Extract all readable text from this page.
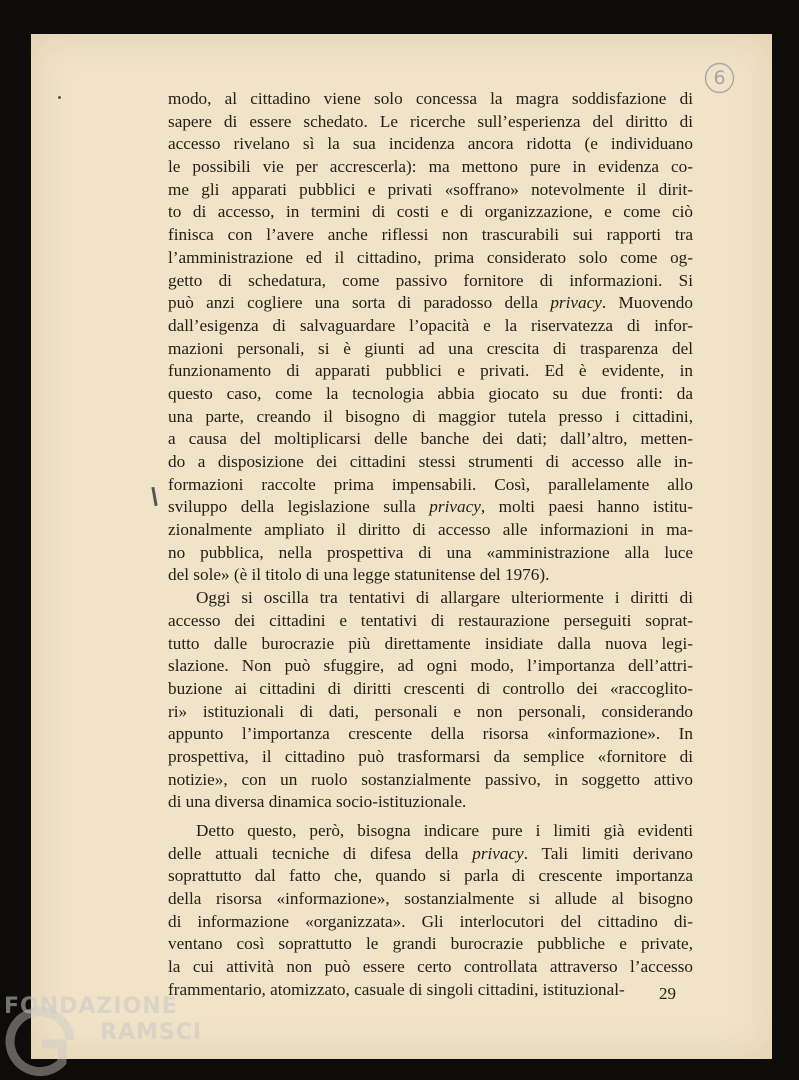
6
modo, al cittadino viene solo concessa la magra soddisfazione di
sapere di essere schedato. Le ricerche sull’esperienza del diritto di
accesso rivelano sì la sua incidenza ancora ridotta (e individuano
le possibili vie per accrescerla): ma mettono pure in evidenza co-
me gli apparati pubblici e privati «soffrano» notevolmente il dirit-
to di accesso, in termini di costi e di organizzazione, e come ciò
finisca con l’avere anche riflessi non trascurabili sui rapporti tra
l’amministrazione ed il cittadino, prima considerato solo come og-
getto di schedatura, come passivo fornitore di informazioni. Si
può anzi cogliere una sorta di paradosso della privacy. Muovendo
dall’esigenza di salvaguardare l’opacità e la riservatezza di infor-
mazioni personali, si è giunti ad una crescita di trasparenza del
funzionamento di apparati pubblici e privati. Ed è evidente, in
questo caso, come la tecnologia abbia giocato su due fronti: da
una parte, creando il bisogno di maggior tutela presso i cittadini,
a causa del moltiplicarsi delle banche dei dati; dall’altro, metten-
do a disposizione dei cittadini stessi strumenti di accesso alle in-
formazioni raccolte prima impensabili. Così, parallelamente allo
sviluppo della legislazione sulla privacy, molti paesi hanno istitu-
zionalmente ampliato il diritto di accesso alle informazioni in ma-
no pubblica, nella prospettiva di una «amministrazione alla luce
del sole» (è il titolo di una legge statunitense del 1976).
Oggi si oscilla tra tentativi di allargare ulteriormente i diritti di
accesso dei cittadini e tentativi di restaurazione perseguiti soprat-
tutto dalle burocrazie più direttamente insidiate dalla nuova legi-
slazione. Non può sfuggire, ad ogni modo, l’importanza dell’attri-
buzione ai cittadini di diritti crescenti di controllo dei «raccoglito-
ri» istituzionali di dati, personali e non personali, considerando
appunto l’importanza crescente della risorsa «informazione». In
prospettiva, il cittadino può trasformarsi da semplice «fornitore di
notizie», con un ruolo sostanzialmente passivo, in soggetto attivo
di una diversa dinamica socio-istituzionale.
Detto questo, però, bisogna indicare pure i limiti già evidenti
delle attuali tecniche di difesa della privacy. Tali limiti derivano
soprattutto dal fatto che, quando si parla di crescente importanza
della risorsa «informazione», sostanzialmente si allude al bisogno
di informazione «organizzata». Gli interlocutori del cittadino di-
ventano così soprattutto le grandi burocrazie pubbliche e private,
la cui attività non può essere certo controllata attraverso l’accesso
frammentario, atomizzato, casuale di singoli cittadini, istituzional-	29
FONDAZIONE
RAMSCI
